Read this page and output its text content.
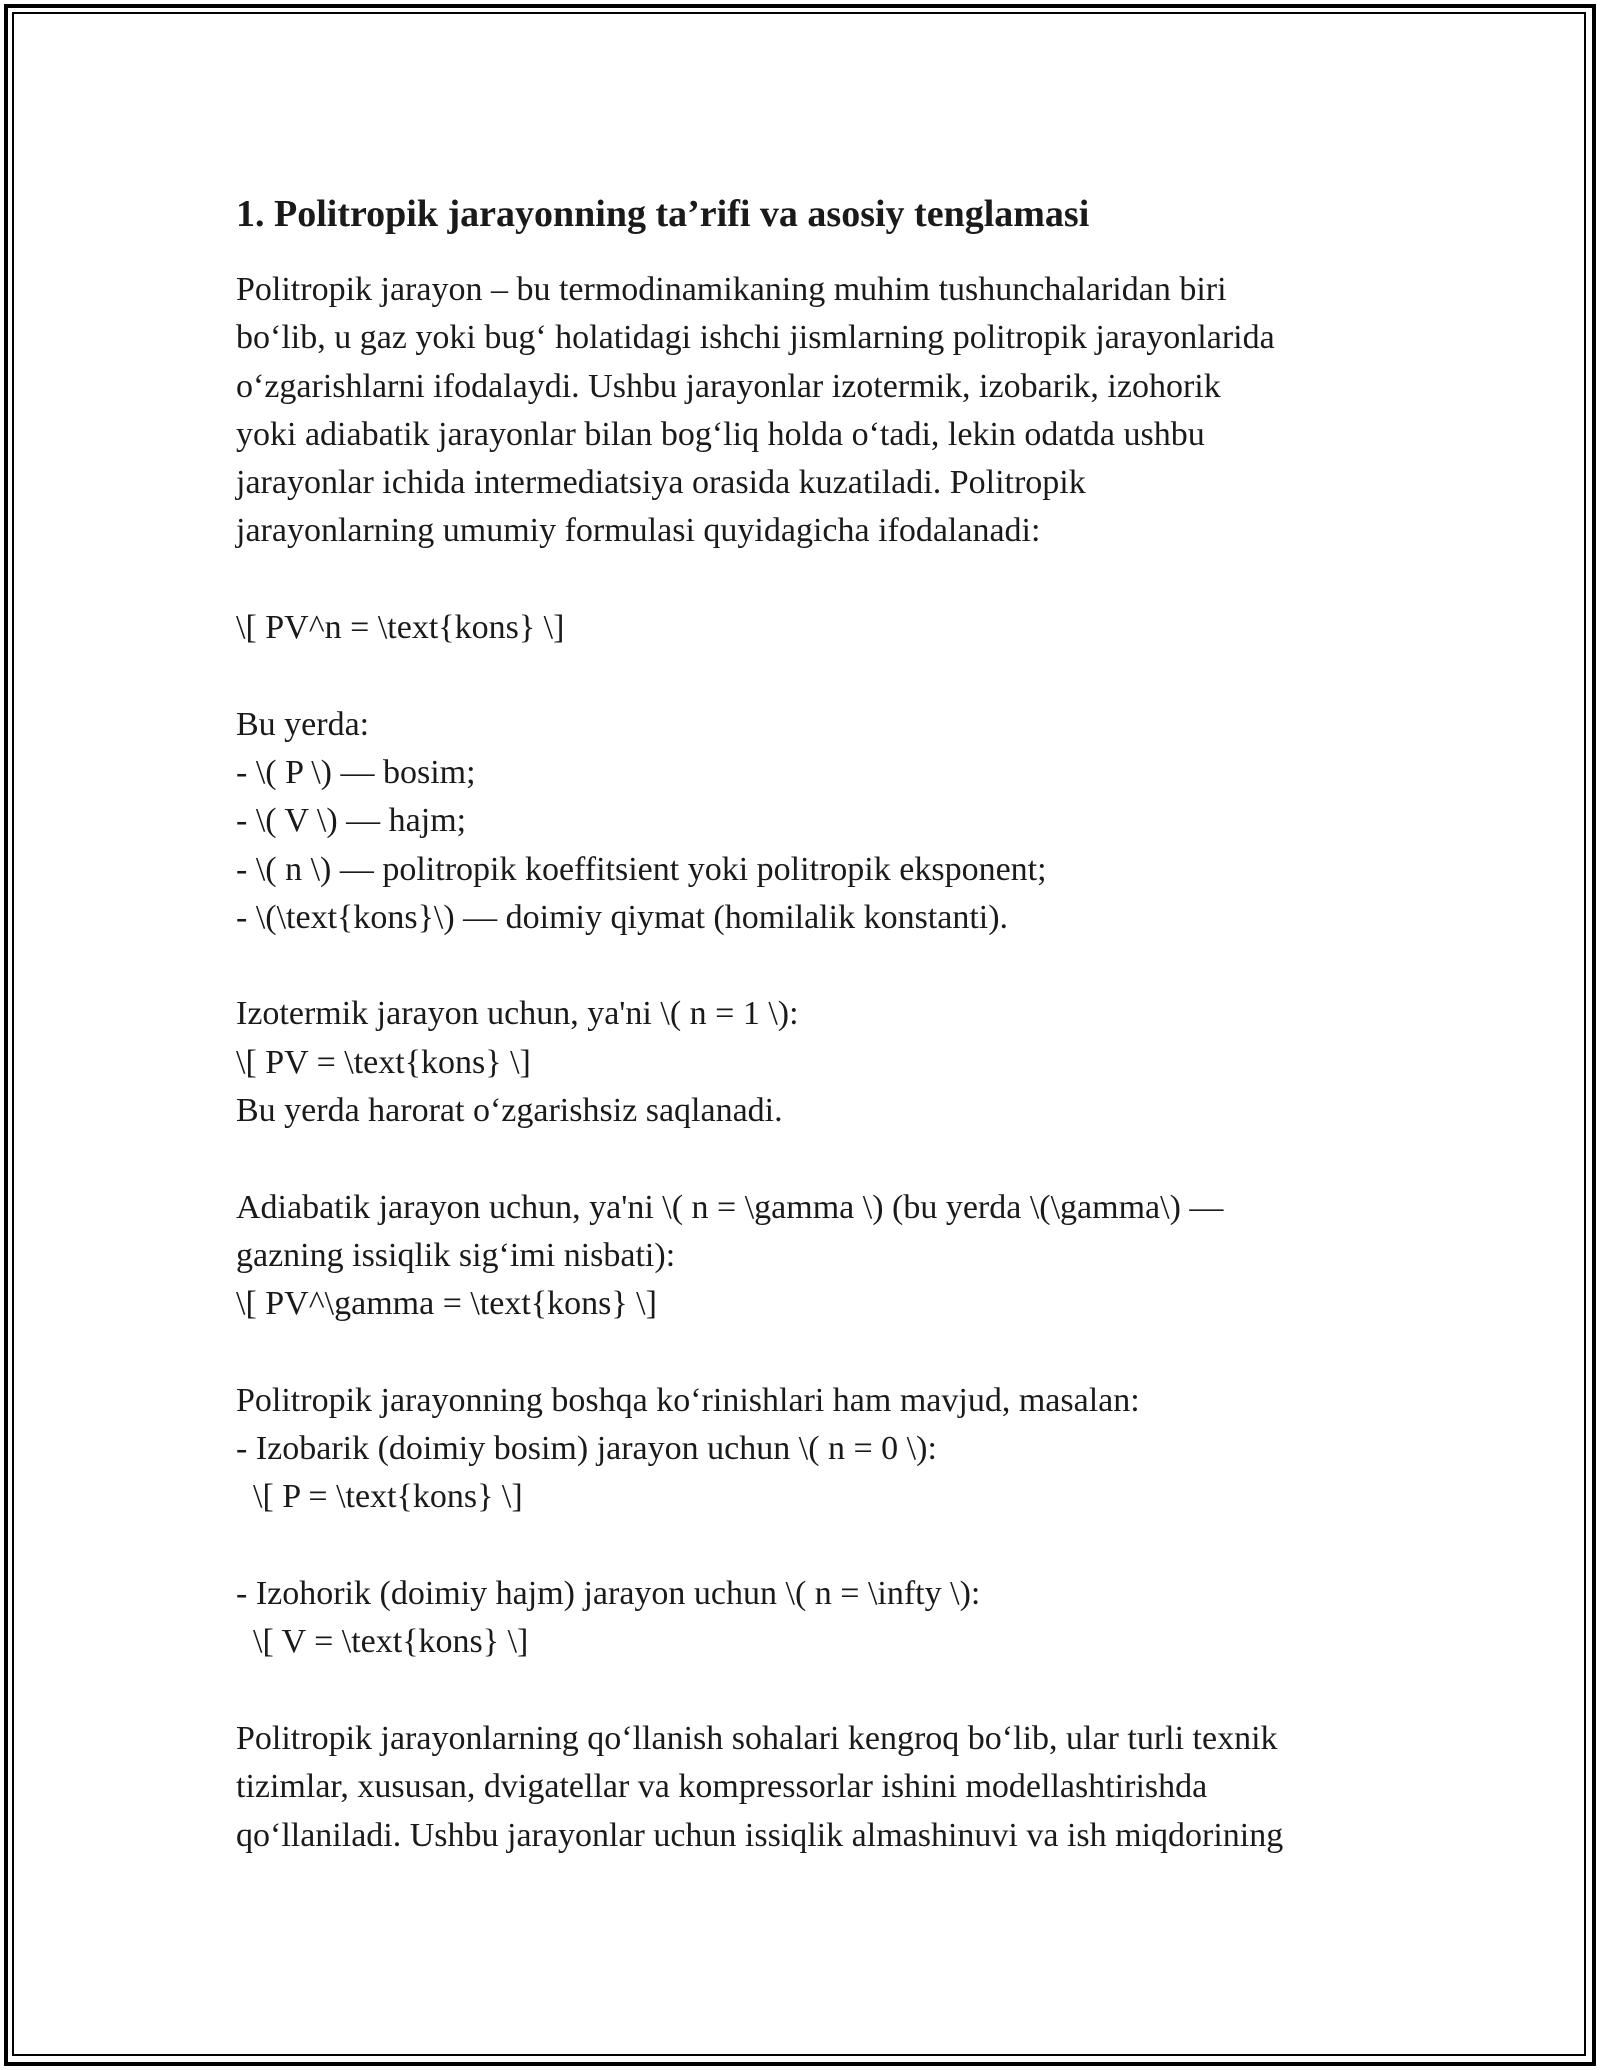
1. Politropik jarayonning ta’rifi va asosiy tenglamasi
Politropik jarayon – bu termodinamikaning muhim tushunchalaridan biri
bo‘lib, u gaz yoki bug‘ holatidagi ishchi jismlarning politropik jarayonlarida
o‘zgarishlarni ifodalaydi. Ushbu jarayonlar izotermik, izobarik, izohorik
yoki adiabatik jarayonlar bilan bog‘liq holda o‘tadi, lekin odatda ushbu
jarayonlar ichida intermediatsiya orasida kuzatiladi. Politropik
jarayonlarning umumiy formulasi quyidagicha ifodalanadi:
\[ PV^n = \text{kons} \]
Bu yerda:
- \( P \) — bosim;
- \( V \) — hajm;
- \( n \) — politropik koeffitsient yoki politropik eksponent;
- \(\text{kons}\) — doimiy qiymat (homilalik konstanti).
Izotermik jarayon uchun, ya'ni \( n = 1 \):
\[ PV = \text{kons} \]
Bu yerda harorat o‘zgarishsiz saqlanadi.
Adiabatik jarayon uchun, ya'ni \( n = \gamma \) (bu yerda \(\gamma\) —
gazning issiqlik sig‘imi nisbati):
\[ PV^\gamma = \text{kons} \]
Politropik jarayonning boshqa ko‘rinishlari ham mavjud, masalan:
- Izobarik (doimiy bosim) jarayon uchun \( n = 0 \):
\[ P = \text{kons} \]
- Izohorik (doimiy hajm) jarayon uchun \( n = \infty \):
\[ V = \text{kons} \]
Politropik jarayonlarning qo‘llanish sohalari kengroq bo‘lib, ular turli texnik
tizimlar, xususan, dvigatellar va kompressorlar ishini modellashtirishda
qo‘llaniladi. Ushbu jarayonlar uchun issiqlik almashinuvi va ish miqdorining
